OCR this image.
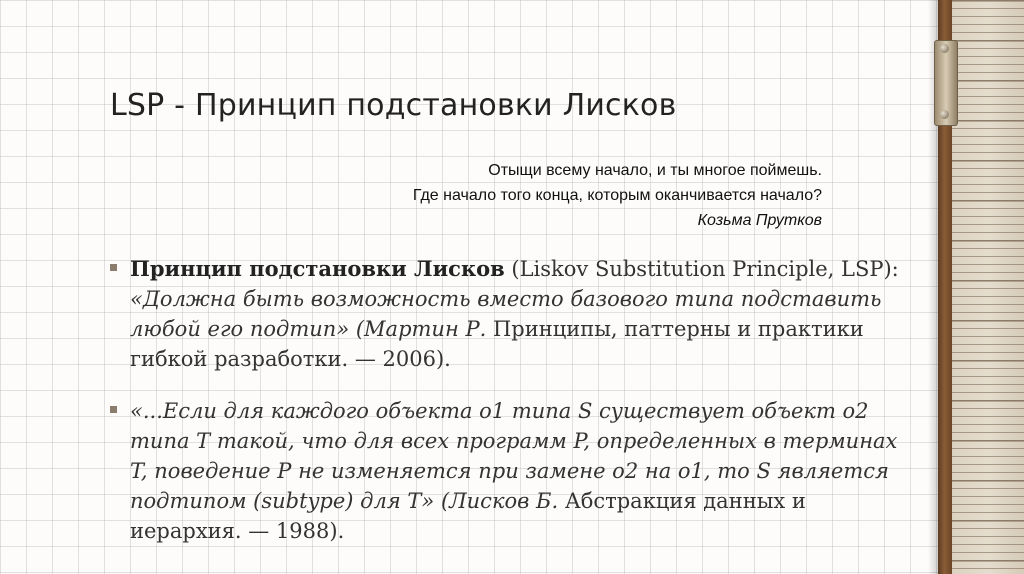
LSP - Принцип подстановки Лисков
Отыщи всему начало, и ты многое поймешь.
Где начало того конца, которым оканчивается начало?
Козьма Прутков
Принцип подстановки Лисков (Liskov Substitution Principle, LSP): «Должна быть возможность вместо базового типа подставить любой его подтип» (Мартин Р. Принципы, паттерны и практики гибкой разработки. — 2006).
«...Если для каждого объекта o1 типа S существует объект o2 типа T такой, что для всех программ P, определенных в терминах T, поведение P не изменяется при замене o2 на o1, то S является подтипом (subtype) для T» (Лисков Б. Абстракция данных и иерархия. — 1988).
